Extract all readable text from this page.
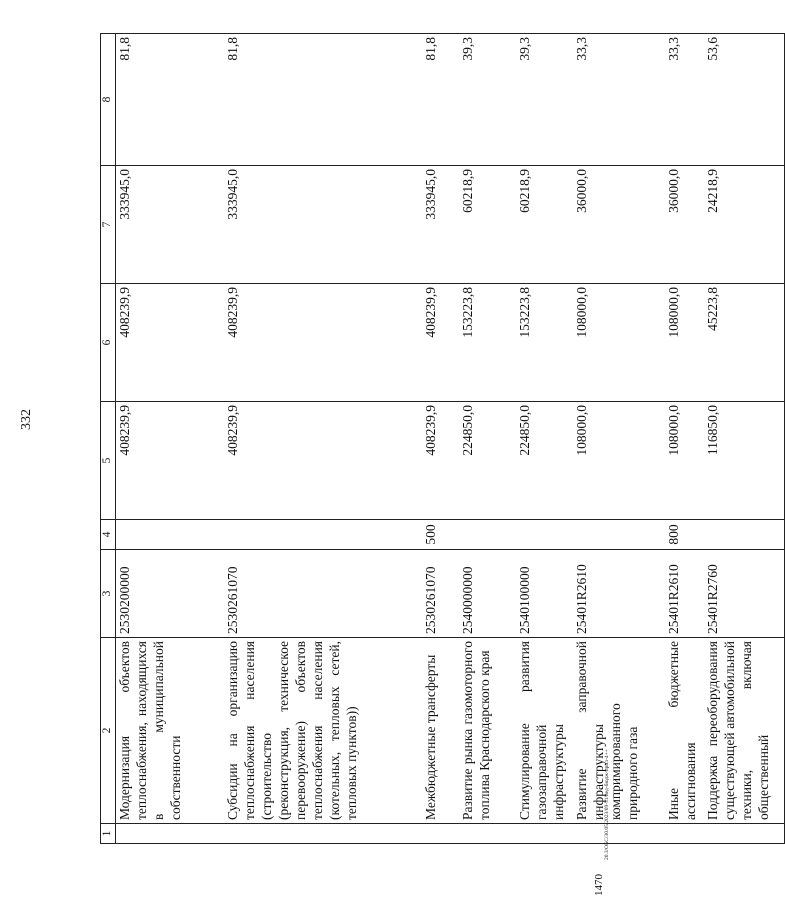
332
1470
20.3/ОБС/30.05.2023/09-51/вед-бюдж-прил-4++
1	2	3	4	5	6	7	8
	Модернизация объектов теплоснабжения, находящихся в муниципальной собственности	2530200000		408239,9	408239,9	333945,0	81,8
	Субсидии на организацию теплоснабжения населения (строительство (реконструкция, техническое перевооружение) объектов теплоснабжения населения (котельных, тепловых сетей, тепловых пунктов))	2530261070		408239,9	408239,9	333945,0	81,8
	Межбюджетные трансферты	2530261070	500	408239,9	408239,9	333945,0	81,8
	Развитие рынка газомоторного топлива Краснодарского края	2540000000		224850,0	153223,8	60218,9	39,3
	Стимулирование развития газозаправочной инфраструктуры	2540100000		224850,0	153223,8	60218,9	39,3
	Развитие заправочной инфраструктуры компримированного природного газа	25401R2610		108000,0	108000,0	36000,0	33,3
	Иные бюджетные ассигнования	25401R2610	800	108000,0	108000,0	36000,0	33,3
	Поддержка переоборудования существующей автомобильной техники, включая общественный	25401R2760		116850,0	45223,8	24218,9	53,6
